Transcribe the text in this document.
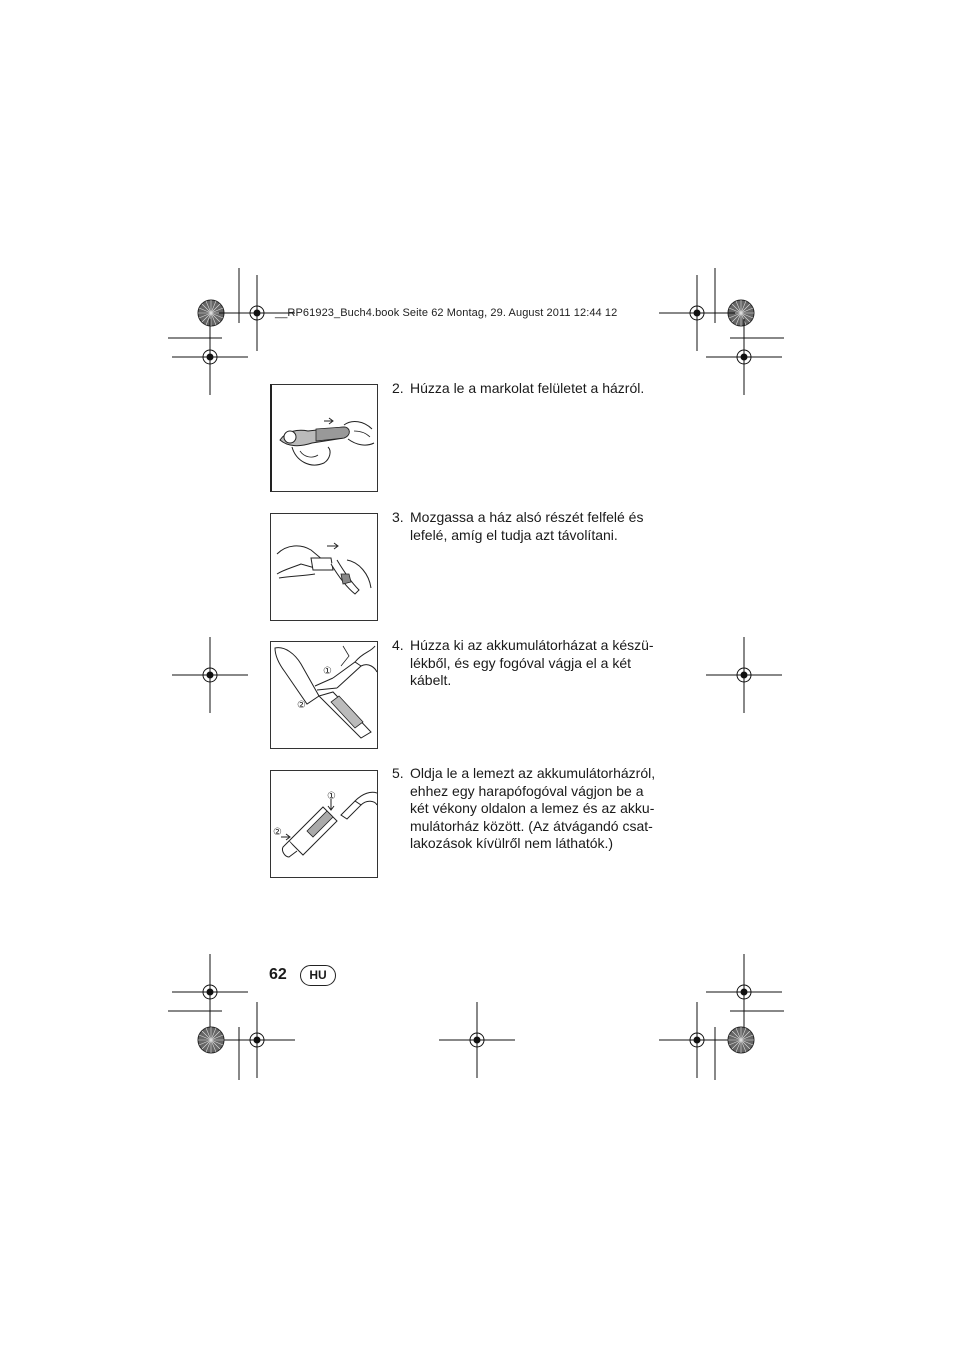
__RP61923_Buch4.book Seite 62 Montag, 29. August 2011 12:44 12
2. Húzza le a markolat felületet a házról.
3. Mozgassa a ház alsó részét felfelé és
lefelé, amíg el tudja azt távolítani.
①
②
4. Húzza ki az akkumulátorházat a készü-
lékből, és egy fogóval vágja el a két
kábelt.
①
②
5. Oldja le a lemezt az akkumulátorházról,
ehhez egy harapófogóval vágjon be a
két vékony oldalon a lemez és az akku-
mulátorház között. (Az átvágandó csat-
lakozások kívülről nem láthatók.)
62	HU
